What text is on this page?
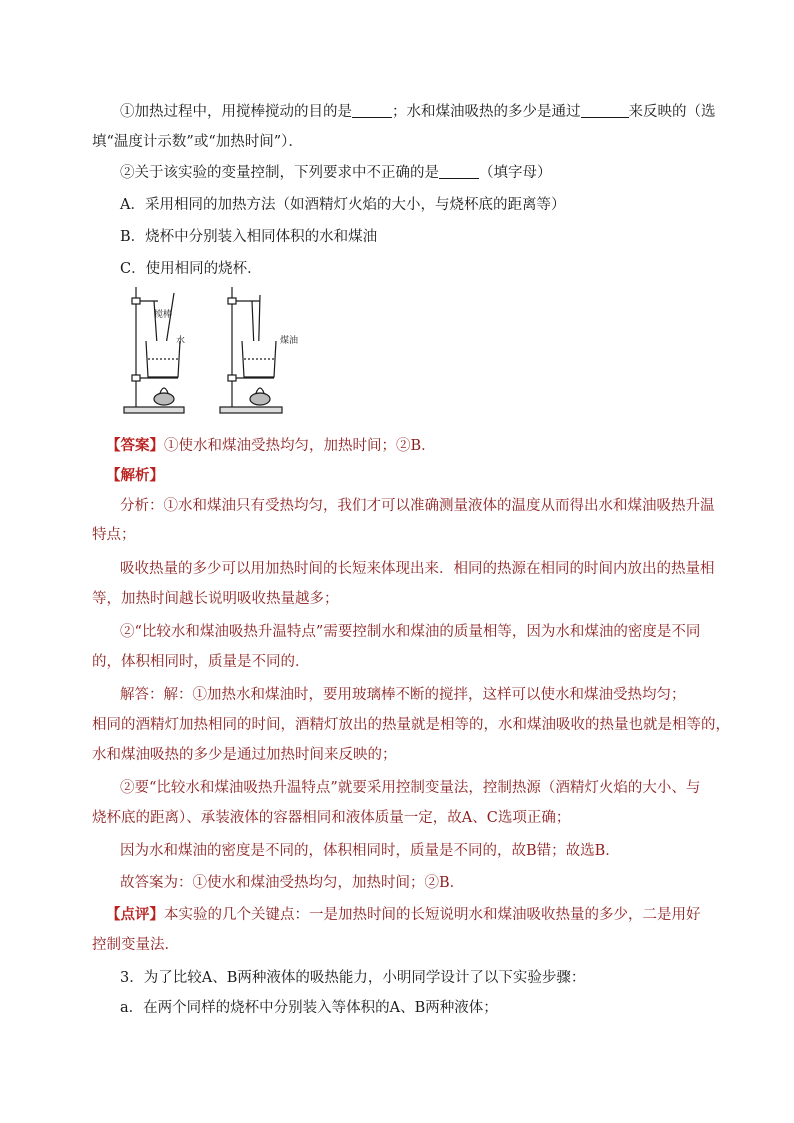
①加热过程中，用搅棒搅动的目的是	；水和煤油吸热的多少是通过	来反映的（选
填“温度计示数”或“加热时间”）．
②关于该实验的变量控制，下列要求中不正确的是	（填字母）
A．采用相同的加热方法（如酒精灯火焰的大小，与烧杯底的距离等）
B．烧杯中分别装入相同体积的水和煤油
C．使用相同的烧杯．
搅棒
水	煤油
【答案】①使水和煤油受热均匀，加热时间；②B．
【解析】
分析：①水和煤油只有受热均匀，我们才可以准确测量液体的温度从而得出水和煤油吸热升温
特点；
吸收热量的多少可以用加热时间的长短来体现出来．相同的热源在相同的时间内放出的热量相
等，加热时间越长说明吸收热量越多；
②“比较水和煤油吸热升温特点”需要控制水和煤油的质量相等，因为水和煤油的密度是不同
的，体积相同时，质量是不同的．
解答：解：①加热水和煤油时，要用玻璃棒不断的搅拌，这样可以使水和煤油受热均匀；
相同的酒精灯加热相同的时间，酒精灯放出的热量就是相等的，水和煤油吸收的热量也就是相等的，
水和煤油吸热的多少是通过加热时间来反映的；
②要“比较水和煤油吸热升温特点”就要采用控制变量法，控制热源（酒精灯火焰的大小、与
烧杯底的距离）、承装液体的容器相同和液体质量一定，故A、C选项正确；
因为水和煤油的密度是不同的，体积相同时，质量是不同的，故B错；故选B．
故答案为：①使水和煤油受热均匀，加热时间；②B．
【点评】本实验的几个关键点：一是加热时间的长短说明水和煤油吸收热量的多少，二是用好
控制变量法．
3．为了比较A、B两种液体的吸热能力，小明同学设计了以下实验步骤：
a．在两个同样的烧杯中分别装入等体积的A、B两种液体；
